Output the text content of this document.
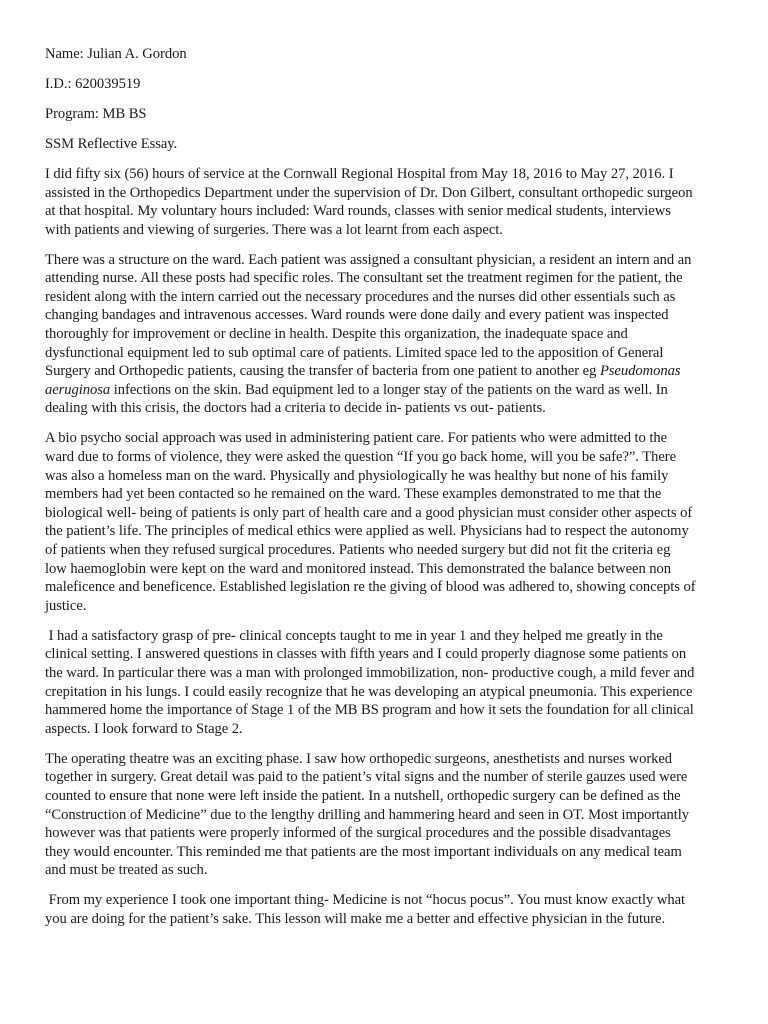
Name: Julian A. Gordon
I.D.: 620039519
Program: MB BS
SSM Reflective Essay.
I did fifty six (56) hours of service at the Cornwall Regional Hospital from May 18, 2016 to May 27, 2016. I
assisted in the Orthopedics Department under the supervision of Dr. Don Gilbert, consultant orthopedic surgeon
at that hospital. My voluntary hours included: Ward rounds, classes with senior medical students, interviews
with patients and viewing of surgeries. There was a lot learnt from each aspect.
There was a structure on the ward. Each patient was assigned a consultant physician, a resident an intern and an
attending nurse. All these posts had specific roles. The consultant set the treatment regimen for the patient, the
resident along with the intern carried out the necessary procedures and the nurses did other essentials such as
changing bandages and intravenous accesses. Ward rounds were done daily and every patient was inspected
thoroughly for improvement or decline in health. Despite this organization, the inadequate space and
dysfunctional equipment led to sub optimal care of patients. Limited space led to the apposition of General
Surgery and Orthopedic patients, causing the transfer of bacteria from one patient to another eg Pseudomonas
aeruginosa infections on the skin. Bad equipment led to a longer stay of the patients on the ward as well. In
dealing with this crisis, the doctors had a criteria to decide in- patients vs out- patients.
A bio psycho social approach was used in administering patient care. For patients who were admitted to the
ward due to forms of violence, they were asked the question “If you go back home, will you be safe?”. There
was also a homeless man on the ward. Physically and physiologically he was healthy but none of his family
members had yet been contacted so he remained on the ward. These examples demonstrated to me that the
biological well- being of patients is only part of health care and a good physician must consider other aspects of
the patient’s life. The principles of medical ethics were applied as well. Physicians had to respect the autonomy
of patients when they refused surgical procedures. Patients who needed surgery but did not fit the criteria eg
low haemoglobin were kept on the ward and monitored instead. This demonstrated the balance between non
maleficence and beneficence. Established legislation re the giving of blood was adhered to, showing concepts of
justice.
I had a satisfactory grasp of pre- clinical concepts taught to me in year 1 and they helped me greatly in the
clinical setting. I answered questions in classes with fifth years and I could properly diagnose some patients on
the ward. In particular there was a man with prolonged immobilization, non- productive cough, a mild fever and
crepitation in his lungs. I could easily recognize that he was developing an atypical pneumonia. This experience
hammered home the importance of Stage 1 of the MB BS program and how it sets the foundation for all clinical
aspects. I look forward to Stage 2.
The operating theatre was an exciting phase. I saw how orthopedic surgeons, anesthetists and nurses worked
together in surgery. Great detail was paid to the patient’s vital signs and the number of sterile gauzes used were
counted to ensure that none were left inside the patient. In a nutshell, orthopedic surgery can be defined as the
“Construction of Medicine” due to the lengthy drilling and hammering heard and seen in OT. Most importantly
however was that patients were properly informed of the surgical procedures and the possible disadvantages
they would encounter. This reminded me that patients are the most important individuals on any medical team
and must be treated as such.
From my experience I took one important thing- Medicine is not “hocus pocus”. You must know exactly what
you are doing for the patient’s sake. This lesson will make me a better and effective physician in the future.
